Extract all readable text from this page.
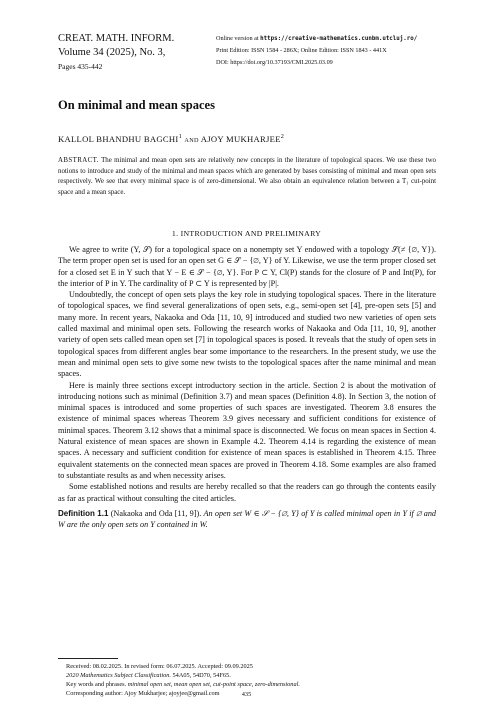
CREAT. MATH. INFORM.
Volume 34 (2025), No. 3,
Pages 435-442
Online version at https://creative-mathematics.cunbm.utcluj.ro/
Print Edition: ISSN 1584 - 286X; Online Edition: ISSN 1843 - 441X
DOI: https://doi.org/10.37193/CMI.2025.03.09
On minimal and mean spaces
KALLOL BHANDHU BAGCHI$^1$ AND AJOY MUKHARJEE$^2$
ABSTRACT. The minimal and mean open sets are relatively new concepts in the literature of topological spaces. We use these two notions to introduce and study of the minimal and mean spaces which are generated by bases consisting of minimal and mean open sets respectively. We see that every minimal space is of zero-dimensional. We also obtain an equivalence relation between a T₁ cut-point space and a mean space.
1. INTRODUCTION AND PRELIMINARY

We agree to write (Y, 𝒮) for a topological space on a nonempty set Y endowed with a topology 𝒮(≠ {∅, Y}). The term proper open set is used for an open set G ∈ 𝒮 − {∅, Y} of Y. Likewise, we use the term proper closed set for a closed set E in Y such that Y − E ∈ 𝒮 − {∅, Y}. For P ⊂ Y, Cl(P) stands for the closure of P and Int(P), for the interior of P in Y. The cardinality of P ⊂ Y is represented by |P|.

Undoubtedly, the concept of open sets plays the key role in studying topological spaces. There in the literature of topological spaces, we find several generalizations of open sets, e.g., semi-open set [4], pre-open sets [5] and many more. In recent years, Nakaoka and Oda [11, 10, 9] introduced and studied two new varieties of open sets called maximal and minimal open sets. Following the research works of Nakaoka and Oda [11, 10, 9], another variety of open sets called mean open set [7] in topological spaces is posed. It reveals that the study of open sets in topological spaces from different angles bear some importance to the researchers. In the present study, we use the mean and minimal open sets to give some new twists to the topological spaces after the name minimal and mean spaces.

Here is mainly three sections except introductory section in the article. Section 2 is about the motivation of introducing notions such as minimal (Definition 3.7) and mean spaces (Definition 4.8). In Section 3, the notion of minimal spaces is introduced and some properties of such spaces are investigated. Theorem 3.8 ensures the existence of minimal spaces whereas Theorem 3.9 gives necessary and sufficient conditions for existence of minimal spaces. Theorem 3.12 shows that a minimal space is disconnected. We focus on mean spaces in Section 4. Natural existence of mean spaces are shown in Example 4.2. Theorem 4.14 is regarding the existence of mean spaces. A necessary and sufficient condition for existence of mean spaces is established in Theorem 4.15. Three equivalent statements on the connected mean spaces are proved in Theorem 4.18. Some examples are also framed to substantiate results as and when necessity arises.

Some established notions and results are hereby recalled so that the readers can go through the contents easily as far as practical without consulting the cited articles.

Definition 1.1 (Nakaoka and Oda [11, 9]). An open set W ∈ 𝒮 − {∅, Y} of Y is called minimal open in Y if ∅ and W are the only open sets on Y contained in W.

Received: 08.02.2025. In revised form: 06.07.2025. Accepted: 09.09.2025
2020 Mathematics Subject Classification. 54A05, 54D70, 54F65.
Key words and phrases. minimal open set, mean open set, cut-point space, zero-dimensional.
Corresponding author: Ajoy Mukharjee; ajoyjee@gmail.com	435
